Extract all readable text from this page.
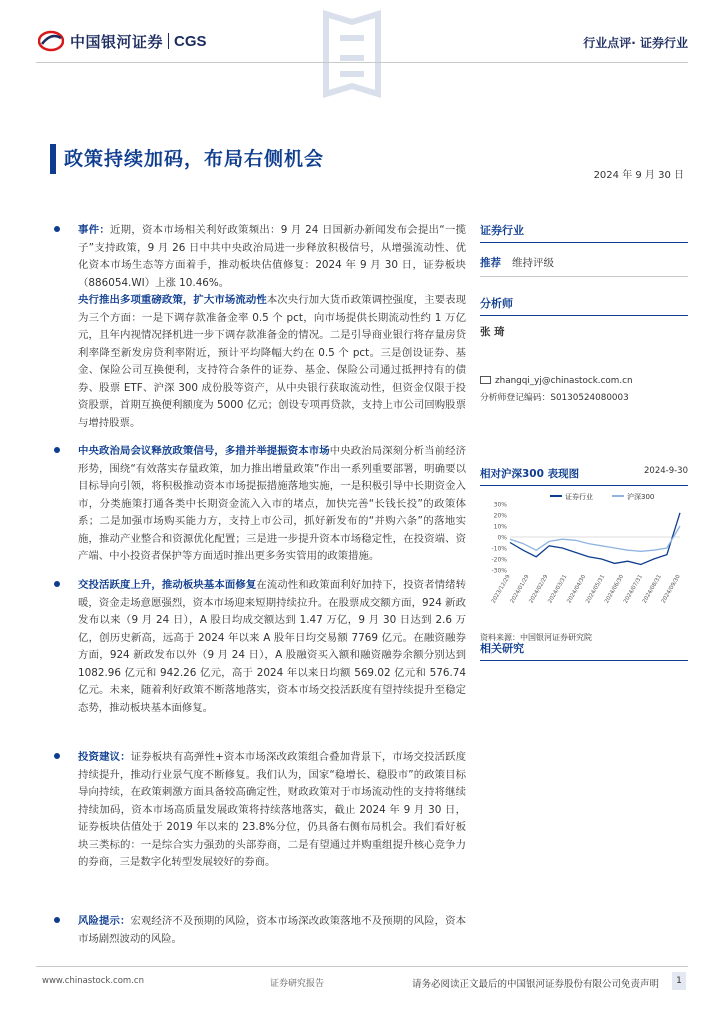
中国银河证券 CGS	行业点评· 证券行业
政策持续加码，布局右侧机会
2024 年 9 月 30 日
事件：近期，资本市场相关利好政策频出：9 月 24 日国新办新闻发布会提出“一揽子”支持政策，9 月 26 日中共中央政治局进一步释放积极信号，从增强流动性、优化资本市场生态等方面着手，推动板块估值修复：2024 年 9 月 30 日，证券板块（886054.WI）上涨 10.46%。
央行推出多项重磅政策，扩大市场流动性本次央行加大货币政策调控强度，主要表现为三个方面：一是下调存款准备金率 0.5 个 pct，向市场提供长期流动性约 1 万亿元，且年内视情况择机进一步下调存款准备金的情况。二是引导商业银行将存量房贷利率降至新发房贷利率附近，预计平均降幅大约在 0.5 个 pct。三是创设证券、基金、保险公司互换便利，支持符合条件的证券、基金、保险公司通过抵押持有的债券、股票 ETF、沪深 300 成份股等资产，从中央银行获取流动性，但资金仅限于投资股票，首期互换便利额度为 5000 亿元；创设专项再贷款，支持上市公司回购股票与增持股票。
中央政治局会议释放政策信号，多措并举提振资本市场中央政治局深刻分析当前经济形势，围绕“有效落实存量政策，加力推出增量政策”作出一系列重要部署，明确要以目标导向引领，将积极推动资本市场提振措施落地实施，一是积极引导中长期资金入市，分类施策打通各类中长期资金流入入市的堵点，加快完善“长钱长投”的政策体系；二是加强市场购买能力方，支持上市公司，抓好新发布的“并购六条”的落地实施，推动产业整合和资源优化配置；三是进一步提升资本市场稳定性，在投资端、资产端、中小投资者保护等方面适时推出更多务实管用的政策措施。
交投活跃度上升，推动板块基本面修复在流动性和政策面利好加持下，投资者情绪转暖，资金走场意愿强烈，资本市场迎来短期持续拉升。在股票成交额方面，924 新政发布以来（9 月 24 日），A 股日均成交额达到 1.47 万亿，9 月 30 日达到 2.6 万亿，创历史新高，远高于 2024 年以来 A 股年日均交易额 7769 亿元。在融资融券方面，924 新政发布以外（9 月 24 日），A 股融资买入额和融资融券余额分别达到 1082.96 亿元和 942.26 亿元，高于 2024 年以来日均额 569.02 亿元和 576.74 亿元。未来，随着利好政策不断落地落实，资本市场交投活跃度有望持续提升至稳定态势，推动板块基本面修复。
投资建议：证券板块有高弹性+资本市场深改政策组合叠加背景下，市场交投活跃度持续提升，推动行业景气度不断修复。我们认为，国家“稳增长、稳股市”的政策目标导向持续，在政策刺激方面具备较高确定性，财政政策对于市场流动性的支持将继续持续加码，资本市场高质量发展政策将持续落地落实，截止 2024 年 9 月 30 日，证券板块估值处于 2019 年以来的 23.8%分位，仍具备右侧布局机会。我们看好板块三类标的：一是综合实力强劲的头部券商，二是有望通过并购重组提升核心竞争力的券商，三是数字化转型发展较好的券商。
风险提示：宏观经济不及预期的风险，资本市场深改政策落地不及预期的风险，资本市场剧烈波动的风险。
证券行业
推荐	维持评级
分析师
张 琦
zhangqi_yj@chinastock.com.cn
分析师登记编码：S0130524080003
相对沪深300 表现图	2024-9-30
证券行业	沪深300
30%
20%
10%
0%
-10%
-20%
-30%
2023/12/29
2024/01/29
2024/02/29
2024/03/31
2024/04/30
2024/05/31
2024/06/30
2024/07/31
2024/08/31
2024/09/30
资料来源：中国银河证券研究院
相关研究
www.chinastock.com.cn	证券研究报告	请务必阅读正文最后的中国银河证券股份有限公司免责声明	1
